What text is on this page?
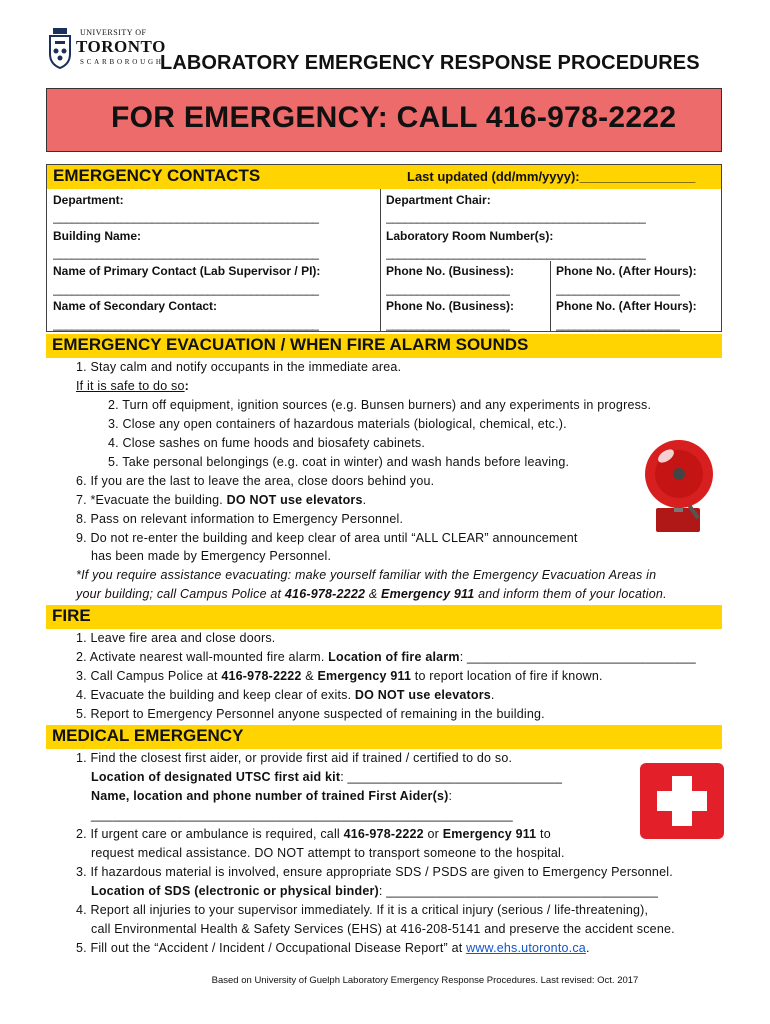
UNIVERSITY OF
TORONTO
SCARBOROUGH
LABORATORY EMERGENCY RESPONSE PROCEDURES
FOR EMERGENCY: CALL 416-978-2222
EMERGENCY CONTACTS	Last updated (dd/mm/yyyy):________________
Department:	Department Chair:
___________________________________________	__________________________________________
Building Name:	Laboratory Room Number(s):
___________________________________________	__________________________________________
Name of Primary Contact (Lab Supervisor / PI):	Phone No. (Business):	Phone No. (After Hours):
___________________________________________	____________________	____________________
Name of Secondary Contact:	Phone No. (Business):	Phone No. (After Hours):
___________________________________________	____________________	____________________
EMERGENCY EVACUATION / WHEN FIRE ALARM SOUNDS
1. Stay calm and notify occupants in the immediate area.
If it is safe to do so:
2. Turn off equipment, ignition sources (e.g. Bunsen burners) and any experiments in progress.
3. Close any open containers of hazardous materials (biological, chemical, etc.).
4. Close sashes on fume hoods and biosafety cabinets.
5. Take personal belongings (e.g. coat in winter) and wash hands before leaving.
6. If you are the last to leave the area, close doors behind you.
7. *Evacuate the building. DO NOT use elevators.
8. Pass on relevant information to Emergency Personnel.
9. Do not re-enter the building and keep clear of area until “ALL CLEAR” announcement
has been made by Emergency Personnel.
*If you require assistance evacuating: make yourself familiar with the Emergency Evacuation Areas in
your building; call Campus Police at 416-978-2222 & Emergency 911 and inform them of your location.
FIRE
1. Leave fire area and close doors.
2. Activate nearest wall-mounted fire alarm. Location of fire alarm: ________________________________
3. Call Campus Police at 416-978-2222 & Emergency 911 to report location of fire if known.
4. Evacuate the building and keep clear of exits. DO NOT use elevators.
5. Report to Emergency Personnel anyone suspected of remaining in the building.
MEDICAL EMERGENCY
1. Find the closest first aider, or provide first aid if trained / certified to do so.
Location of designated UTSC first aid kit: ______________________________
Name, location and phone number of trained First Aider(s):
___________________________________________________________
2. If urgent care or ambulance is required, call 416-978-2222 or Emergency 911 to
request medical assistance. DO NOT attempt to transport someone to the hospital.
3. If hazardous material is involved, ensure appropriate SDS / PSDS are given to Emergency Personnel.
Location of SDS (electronic or physical binder): ______________________________________
4. Report all injuries to your supervisor immediately. If it is a critical injury (serious / life-threatening),
call Environmental Health & Safety Services (EHS) at 416-208-5141 and preserve the accident scene.
5. Fill out the “Accident / Incident / Occupational Disease Report” at www.ehs.utoronto.ca.
Based on University of Guelph Laboratory Emergency Response Procedures. Last revised: Oct. 2017
